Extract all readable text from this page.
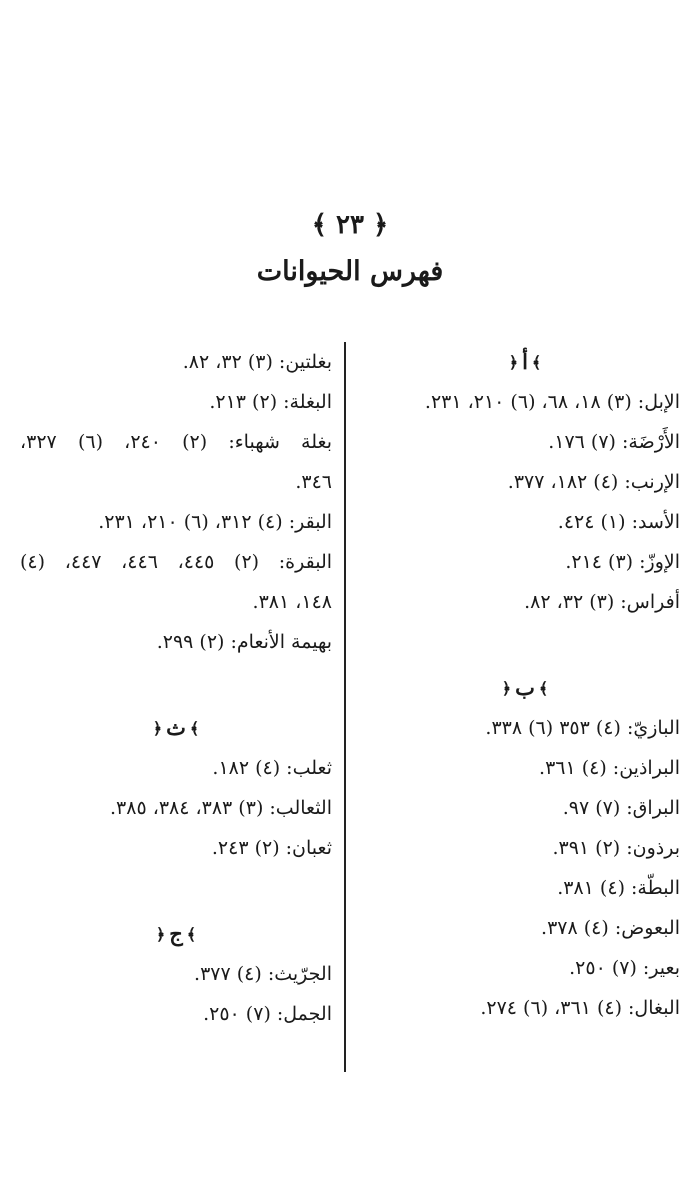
﴿ ٢٣ ﴾
فهرس الحيوانات
﴾أ﴿
الإبل: (٣) ١٨، ٦٨، (٦) ٢١٠، ٢٣١.
الأَرْضَة: (٧) ١٧٦.
الإرنب: (٤) ١٨٢، ٣٧٧.
الأسد: (١) ٤٢٤.
الإوزّ: (٣) ٢١٤.
أفراس: (٣) ٣٢، ٨٢.
﴾ب﴿
البازيّ: (٤) ٣٥٣ (٦) ٣٣٨.
البراذين: (٤) ٣٦١.
البراق: (٧) ٩٧.
برذون: (٢) ٣٩١.
البطّة: (٤) ٣٨١.
البعوض: (٤) ٣٧٨.
بعير: (٧) ٢٥٠.
البغال: (٤) ٣٦١، (٦) ٢٧٤.
بغلتين: (٣) ٣٢، ٨٢.
البغلة: (٢) ٢١٣.
بغلة شهباء: (٢) ٢٤٠، (٦) ٣٢٧،
٣٤٦.
البقر: (٤) ٣١٢، (٦) ٢١٠، ٢٣١.
البقرة: (٢) ٤٤٥، ٤٤٦، ٤٤٧، (٤)
١٤٨، ٣٨١.
بهيمة الأنعام: (٢) ٢٩٩.
﴾ث﴿
ثعلب: (٤) ١٨٢.
الثعالب: (٣) ٣٨٣، ٣٨٤، ٣٨٥.
ثعبان: (٢) ٢٤٣.
﴾ج﴿
الجرّيث: (٤) ٣٧٧.
الجمل: (٧) ٢٥٠.
